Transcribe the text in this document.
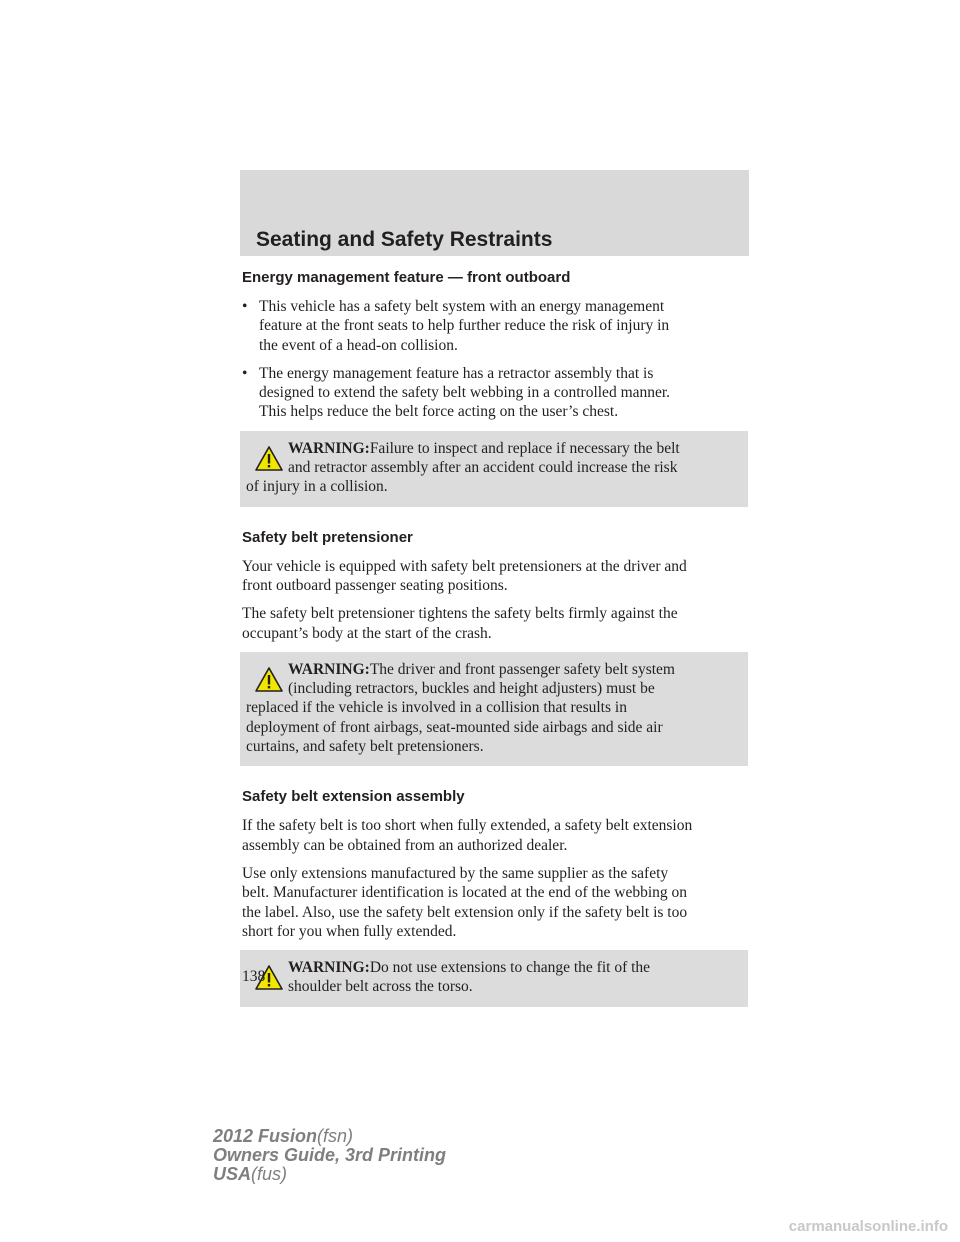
Seating and Safety Restraints
Energy management feature — front outboard
• This vehicle has a safety belt system with an energy management
feature at the front seats to help further reduce the risk of injury in
the event of a head-on collision.
• The energy management feature has a retractor assembly that is
designed to extend the safety belt webbing in a controlled manner.
This helps reduce the belt force acting on the user’s chest.
WARNING:Failure to inspect and replace if necessary the belt
and retractor assembly after an accident could increase the risk
of injury in a collision.
Safety belt pretensioner
Your vehicle is equipped with safety belt pretensioners at the driver and
front outboard passenger seating positions.
The safety belt pretensioner tightens the safety belts firmly against the
occupant’s body at the start of the crash.
WARNING:The driver and front passenger safety belt system
(including retractors, buckles and height adjusters) must be
replaced if the vehicle is involved in a collision that results in
deployment of front airbags, seat-mounted side airbags and side air
curtains, and safety belt pretensioners.
Safety belt extension assembly
If the safety belt is too short when fully extended, a safety belt extension
assembly can be obtained from an authorized dealer.
Use only extensions manufactured by the same supplier as the safety
belt. Manufacturer identification is located at the end of the webbing on
the label. Also, use the safety belt extension only if the safety belt is too
short for you when fully extended.
WARNING:Do not use extensions to change the fit of the
shoulder belt across the torso.
138
2012 Fusion(fsn)
Owners Guide, 3rd Printing
USA(fus)
carmanualsonline.info
